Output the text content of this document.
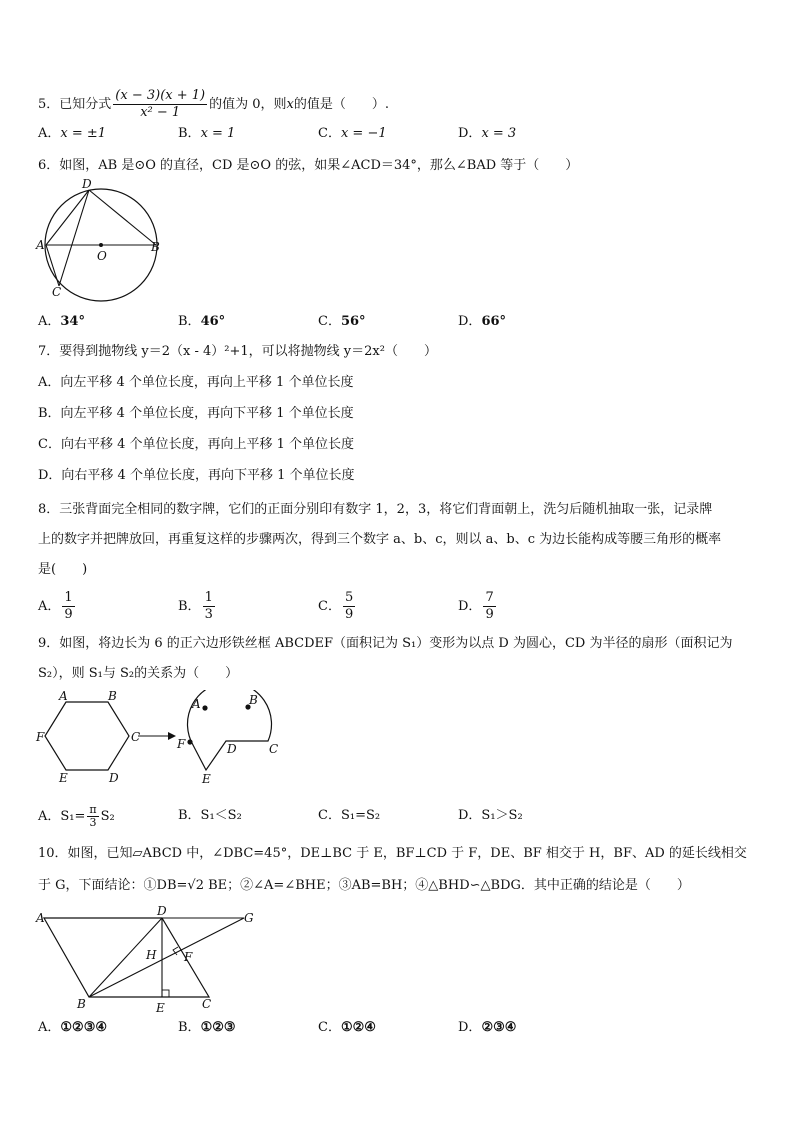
5．已知分式 $\frac{(x - 3)(x + 1)}{\text{x² − 1}}$ 的值为 0，则x的值是（　　）.
A．x = ±1	B．x = 1	C．x = −1	D．x = 3
6．如图，AB 是⊙O 的直径，CD 是⊙O 的弦，如果∠ACD＝34°，那么∠BAD 等于（　　）
A	B
C
D
O
A．34°	B．46°	C．56°	D．66°
7．要得到抛物线 y＝2（x - 4）²+1，可以将抛物线 y＝2x²（　　）
A．向左平移 4 个单位长度，再向上平移 1 个单位长度
B．向左平移 4 个单位长度，再向下平移 1 个单位长度
C．向右平移 4 个单位长度，再向上平移 1 个单位长度
D．向右平移 4 个单位长度，再向下平移 1 个单位长度
8．三张背面完全相同的数字牌，它们的正面分别印有数字 1，2，3，将它们背面朝上，洗匀后随机抽取一张，记录牌
上的数字并把牌放回，再重复这样的步骤两次，得到三个数字 a、b、c，则以 a、b、c 为边长能构成等腰三角形的概率
是(　　)
A． $\frac{1}{9}$	B． $\frac{1}{3}$	C． $\frac{5}{9}$	D． $\frac{7}{9}$
9．如图，将边长为 6 的正六边形铁丝框 ABCDEF（面积记为 S₁）变形为以点 D 为圆心，CD 为半径的扇形（面积记为
S₂），则 S₁与 S₂的关系为（　　）
A	B
C
D
E
F
A	B
C
D
E
F
A．$S_1= \frac{\pi}{3} S_2$	B．S₁＜S₂	C．S₁=S₂	D．S₁＞S₂
10．如图，已知▱ABCD 中，∠DBC=45°，DE⊥BC 于 E，BF⊥CD 于 F，DE、BF 相交于 H，BF、AD 的延长线相交
于 G，下面结论：①DB=√2 BE；②∠A=∠BHE；③AB=BH；④△BHD∽△BDG．其中正确的结论是（　　）
A
B	C
D
E
F
G
H
A．①②③④	B．①②③	C．①②④	D．②③④
